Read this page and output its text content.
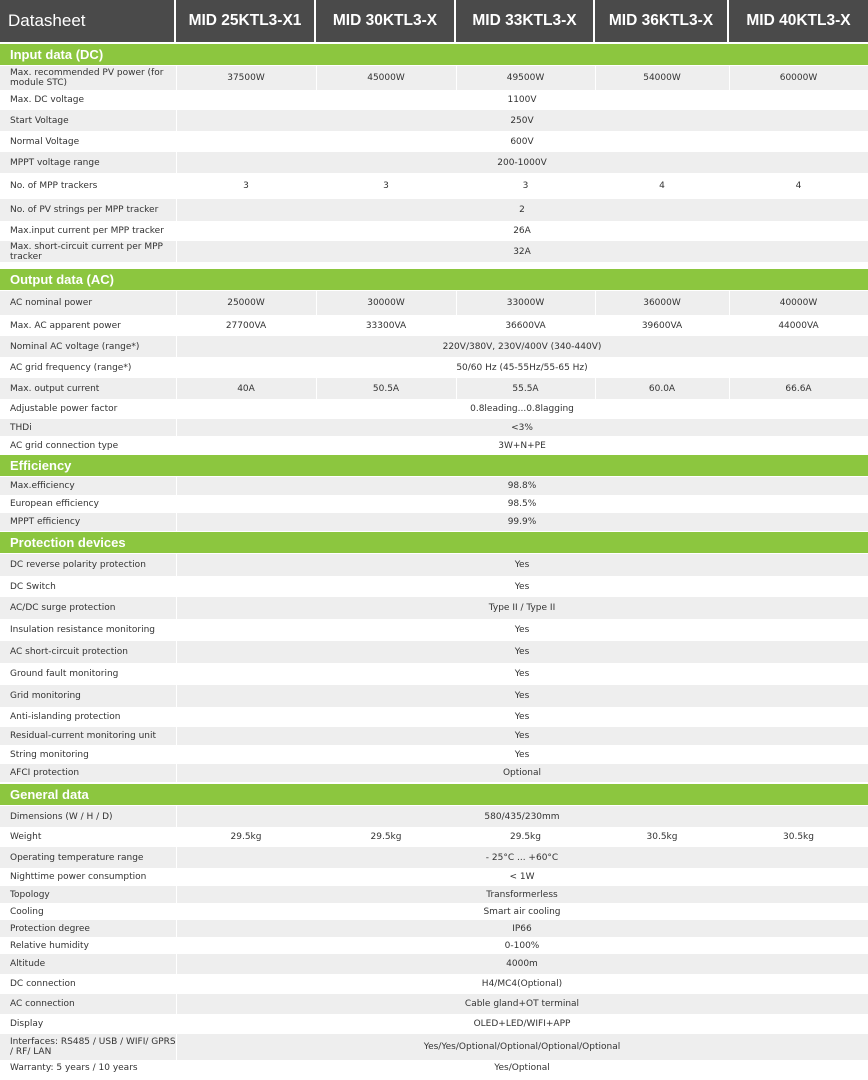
Datasheet	MID 25KTL3-X1	MID 30KTL3-X	MID 33KTL3-X	MID 36KTL3-X	MID 40KTL3-X
Input data (DC)
Max. recommended PV power (for module STC)	37500W	45000W	49500W	54000W	60000W
Max. DC voltage	1100V
Start Voltage	250V
Normal Voltage	600V
MPPT voltage range	200-1000V
No. of MPP trackers	3	3	3	4	4
No. of PV strings per MPP tracker	2
Max.input current per MPP tracker	26A
Max. short-circuit current per MPP tracker	32A
Output data (AC)
AC nominal power	25000W	30000W	33000W	36000W	40000W
Max. AC apparent power	27700VA	33300VA	36600VA	39600VA	44000VA
Nominal AC voltage (range*)	220V/380V, 230V/400V (340-440V)
AC grid frequency (range*)	50/60 Hz (45-55Hz/55-65 Hz)
Max. output current	40A	50.5A	55.5A	60.0A	66.6A
Adjustable power factor	0.8leading...0.8lagging
THDi	<3%
AC grid connection type	3W+N+PE
Efficiency
Max.efficiency	98.8%
European efficiency	98.5%
MPPT efficiency	99.9%
Protection devices
DC reverse polarity protection	Yes
DC Switch	Yes
AC/DC surge protection	Type II / Type II
Insulation resistance monitoring	Yes
AC short-circuit protection	Yes
Ground fault monitoring	Yes
Grid monitoring	Yes
Anti-islanding protection	Yes
Residual-current monitoring unit	Yes
String monitoring	Yes
AFCI protection	Optional
General data
Dimensions (W / H / D)	580/435/230mm
Weight	29.5kg	29.5kg	29.5kg	30.5kg	30.5kg
Operating temperature range	- 25°C ... +60°C
Nighttime power consumption	< 1W
Topology	Transformerless
Cooling	Smart air cooling
Protection degree	IP66
Relative humidity	0-100%
Altitude	4000m
DC connection	H4/MC4(Optional)
AC connection	Cable gland+OT terminal
Display	OLED+LED/WIFI+APP
Interfaces: RS485 / USB / WIFI/ GPRS / RF/ LAN	Yes/Yes/Optional/Optional/Optional/Optional
Warranty: 5 years / 10 years	Yes/Optional
